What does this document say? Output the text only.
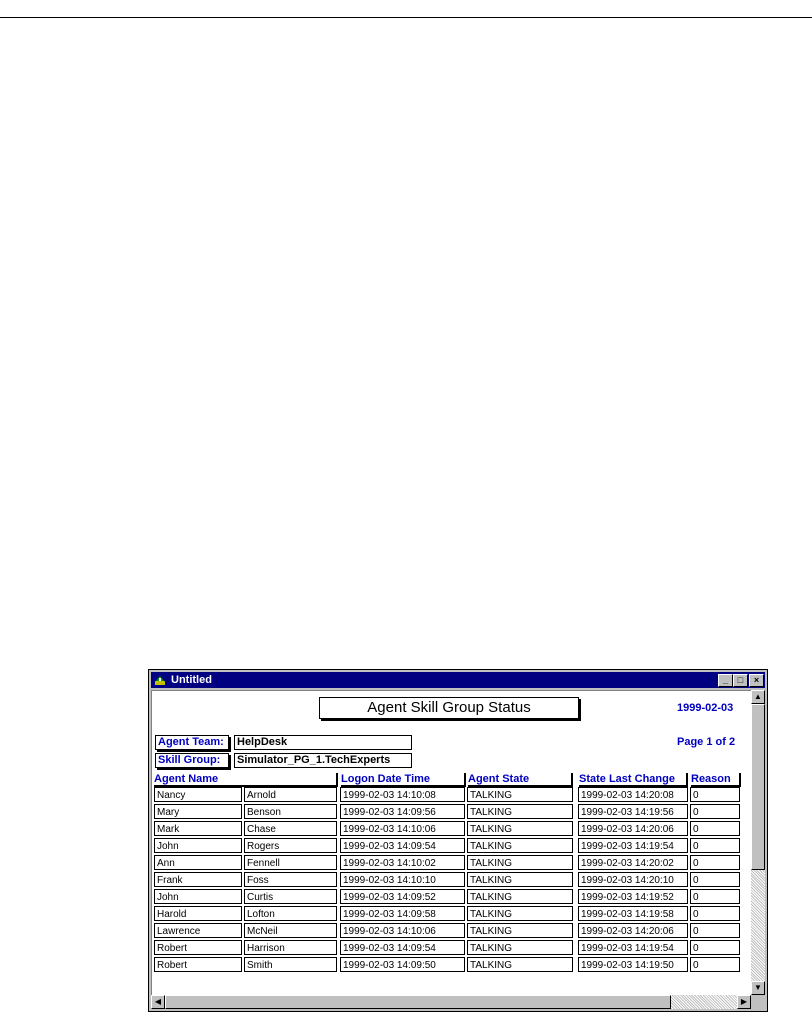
Untitled	_	□	×
Agent Skill Group Status	1999-02-03
Page 1 of 2
Agent Team:	HelpDesk
Skill Group:	Simulator_PG_1.TechExperts
Agent Name	Logon Date Time	Agent State	State Last Change	Reason
Nancy	Arnold	1999-02-03 14:10:08	TALKING	1999-02-03 14:20:08	0
Mary	Benson	1999-02-03 14:09:56	TALKING	1999-02-03 14:19:56	0
Mark	Chase	1999-02-03 14:10:06	TALKING	1999-02-03 14:20:06	0
John	Rogers	1999-02-03 14:09:54	TALKING	1999-02-03 14:19:54	0
Ann	Fennell	1999-02-03 14:10:02	TALKING	1999-02-03 14:20:02	0
Frank	Foss	1999-02-03 14:10:10	TALKING	1999-02-03 14:20:10	0
John	Curtis	1999-02-03 14:09:52	TALKING	1999-02-03 14:19:52	0
Harold	Lofton	1999-02-03 14:09:58	TALKING	1999-02-03 14:19:58	0
Lawrence	McNeil	1999-02-03 14:10:06	TALKING	1999-02-03 14:20:06	0
Robert	Harrison	1999-02-03 14:09:54	TALKING	1999-02-03 14:19:54	0
Robert	Smith	1999-02-03 14:09:50	TALKING	1999-02-03 14:19:50	0
▲
▼
◀	▶
